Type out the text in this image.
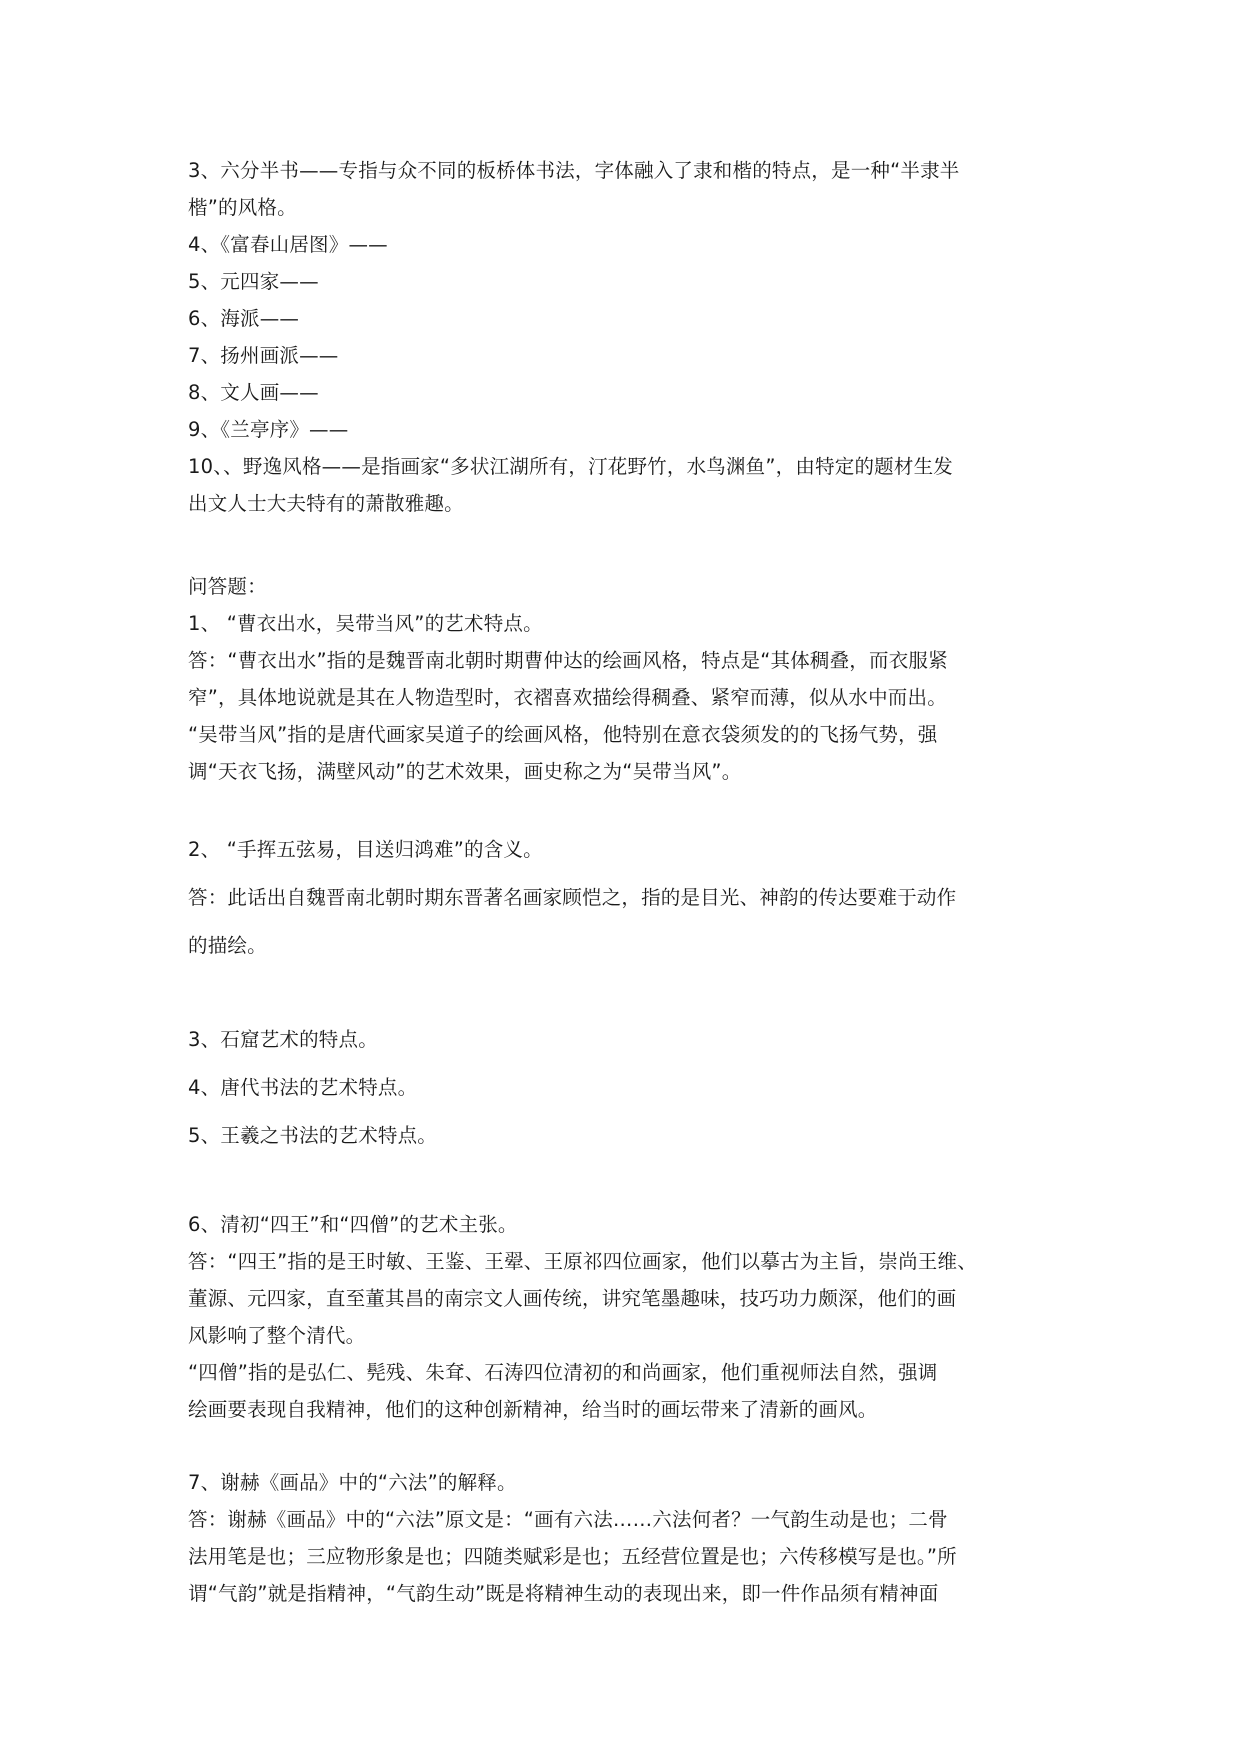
3、六分半书——专指与众不同的板桥体书法，字体融入了隶和楷的特点，是一种“半隶半
楷”的风格。
4、《富春山居图》——
5、元四家——
6、海派——
7、扬州画派——
8、文人画——
9、《兰亭序》——
10、、野逸风格——是指画家“多状江湖所有，汀花野竹，水鸟渊鱼”，由特定的题材生发
出文人士大夫特有的萧散雅趣。
问答题：
1、 “曹衣出水，吴带当风”的艺术特点。
答：“曹衣出水”指的是魏晋南北朝时期曹仲达的绘画风格，特点是“其体稠叠，而衣服紧
窄”，具体地说就是其在人物造型时，衣褶喜欢描绘得稠叠、紧窄而薄，似从水中而出。
“吴带当风”指的是唐代画家吴道子的绘画风格，他特别在意衣袋须发的的飞扬气势，强
调“天衣飞扬，满壁风动”的艺术效果，画史称之为“吴带当风”。
2、 “手挥五弦易，目送归鸿难”的含义。
答：此话出自魏晋南北朝时期东晋著名画家顾恺之，指的是目光、神韵的传达要难于动作
的描绘。
3、石窟艺术的特点。
4、唐代书法的艺术特点。
5、王羲之书法的艺术特点。
6、清初“四王”和“四僧”的艺术主张。
答：“四王”指的是王时敏、王鉴、王翚、王原祁四位画家，他们以摹古为主旨，崇尚王维、
董源、元四家，直至董其昌的南宗文人画传统，讲究笔墨趣味，技巧功力颇深，他们的画
风影响了整个清代。
“四僧”指的是弘仁、髡残、朱耷、石涛四位清初的和尚画家，他们重视师法自然，强调
绘画要表现自我精神，他们的这种创新精神，给当时的画坛带来了清新的画风。
7、谢赫《画品》中的“六法”的解释。
答：谢赫《画品》中的“六法”原文是：“画有六法……六法何者？一气韵生动是也；二骨
法用笔是也；三应物形象是也；四随类赋彩是也；五经营位置是也；六传移模写是也。”所
谓“气韵”就是指精神，“气韵生动”既是将精神生动的表现出来，即一件作品须有精神面
